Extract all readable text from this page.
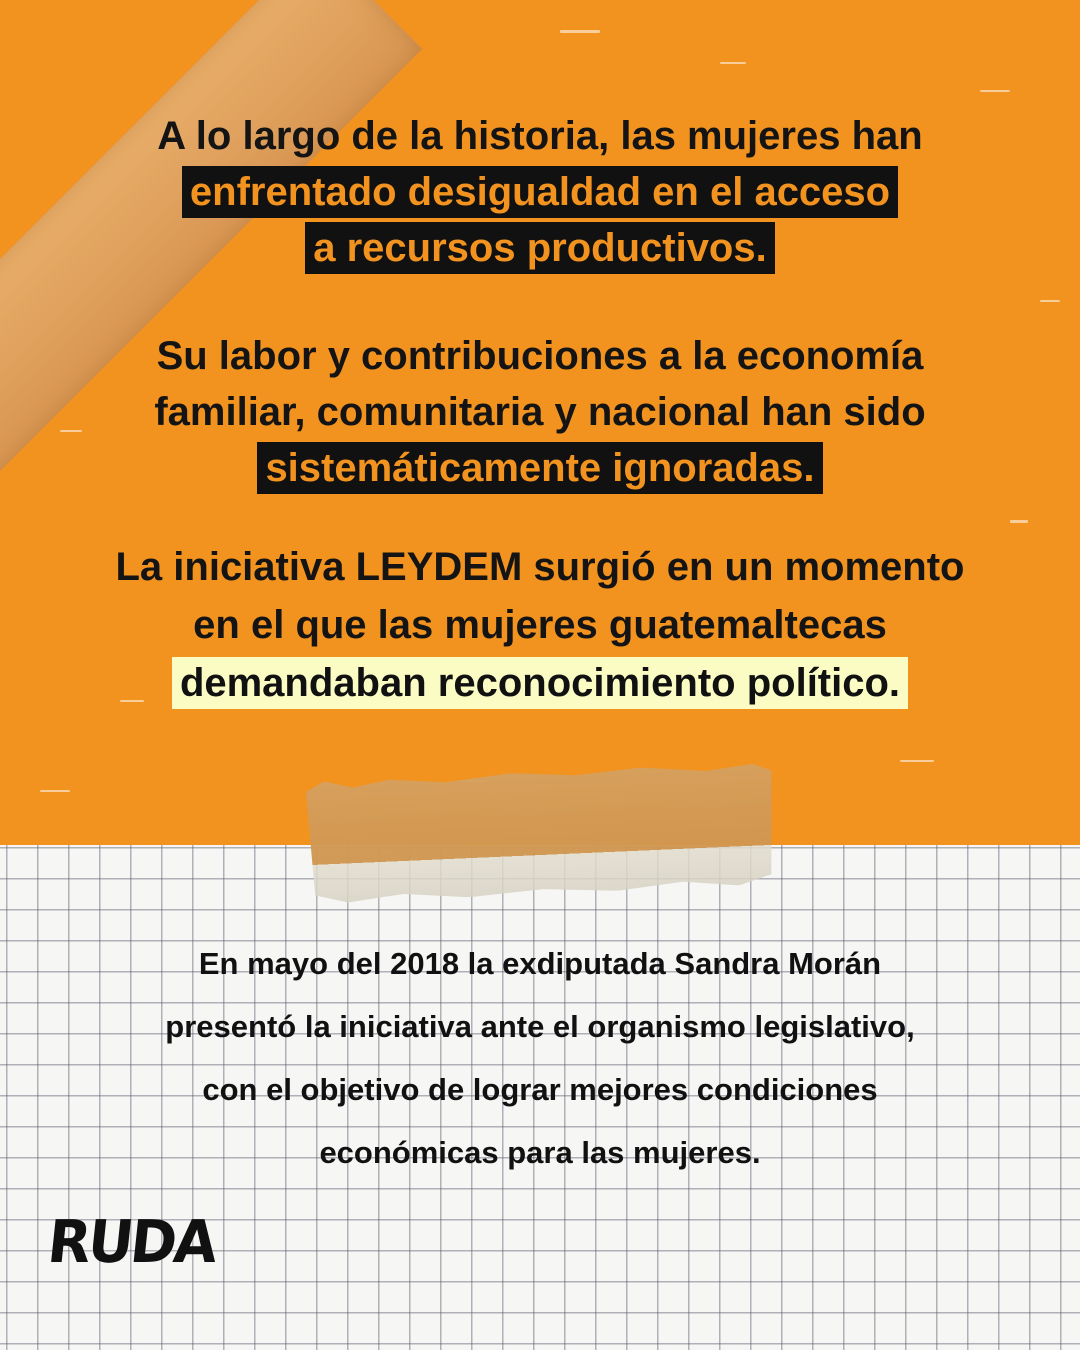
A lo largo de la historia, las mujeres han
enfrentado desigualdad en el acceso
a recursos productivos.
Su labor y contribuciones a la economía
familiar, comunitaria y nacional han sido
sistemáticamente ignoradas.
La iniciativa LEYDEM surgió en un momento
en el que las mujeres guatemaltecas
demandaban reconocimiento político.
En mayo del 2018 la exdiputada Sandra Morán
presentó la iniciativa ante el organismo legislativo,
con el objetivo de lograr mejores condiciones
económicas para las mujeres.
RUDA
